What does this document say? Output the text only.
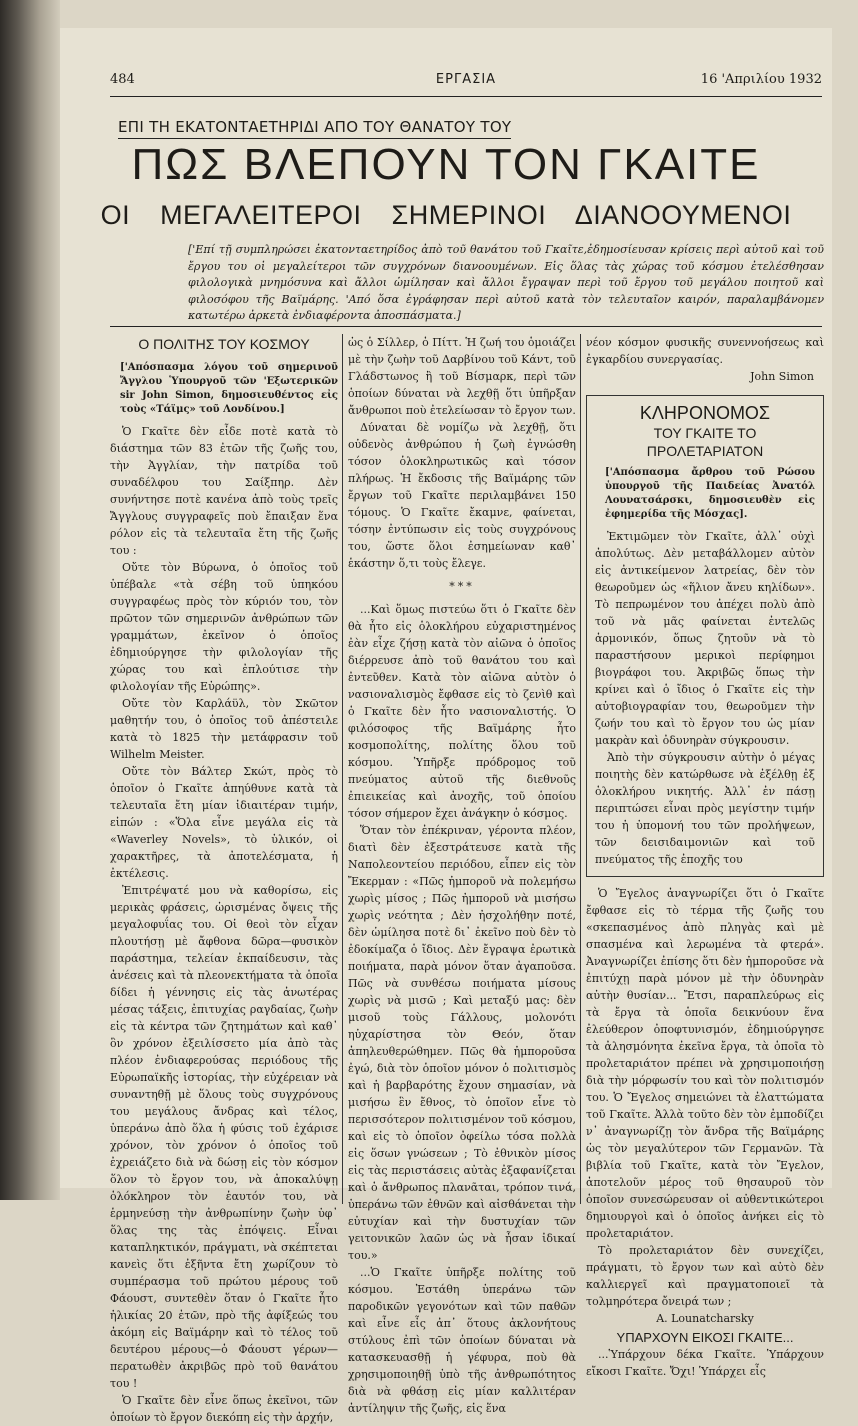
484	ΕΡΓΑΣΙΑ	16 'Απριλίου 1932
ΕΠΙ ΤΗ ΕΚΑΤΟΝΤΑΕΤΗΡΙΔΙ ΑΠΟ ΤΟΥ ΘΑΝΑΤΟΥ ΤΟΥ
ΠΩΣ ΒΛΕΠΟΥΝ ΤΟΝ ΓΚΑΙΤΕ
ΟΙ ΜΕΓΑΛΕΙΤΕΡΟΙ ΣΗΜΕΡΙΝΟΙ ΔΙΑΝΟΟΥΜΕΝΟΙ
['Επί τῇ συμπληρώσει ἑκατονταετηρίδος ἀπὸ τοῦ θανάτου τοῦ Γκαῖτε,ἐδημοσίευσαν κρίσεις περὶ αὐτοῦ καὶ τοῦ ἔργου του οἱ μεγαλείτεροι τῶν συγχρόνων διανοουμένων. Εἰς ὅλας τὰς χώρας τοῦ κόσμου ἐτελέσθησαν φιλολογικὰ μνημόσυνα καὶ ἄλλοι ὡμίλησαν καὶ ἄλλοι ἔγραψαν περὶ τοῦ ἔργου τοῦ μεγάλου ποιητοῦ καὶ φιλοσόφου τῆς Βαϊμάρης. 'Από ὅσα ἐγράφησαν περὶ αὐτοῦ κατὰ τὸν τελευταῖον καιρόν, παραλαμβάνομεν κατωτέρω ἀρκετὰ ἐνδιαφέροντα ἀποσπάσματα.]

Ο ΠΟΛΙΤΗΣ ΤΟΥ ΚΟΣΜΟΥ

['Απόσπασμα λόγου τοῦ σημερινοῦ Ἄγγλου Ὑπουργοῦ τῶν 'Εξωτερικῶν sir John Simon, δημοσιευθέντος εἰς τοὺς «Τάϊμς» τοῦ Λονδίνου.]

Ὁ Γκαῖτε δὲν εἶδε ποτὲ κατὰ τὸ διάστημα τῶν 83 ἐτῶν τῆς ζωῆς του, τὴν Ἀγγλίαν, τὴν πατρίδα τοῦ συναδέλφου του Σαίξπηρ. Δὲν συνήντησε ποτὲ κανένα ἀπὸ τοὺς τρεῖς Ἄγγλους συγγραφεῖς ποὺ ἔπαιξαν ἕνα ρόλον εἰς τὰ τελευταῖα ἔτη τῆς ζωῆς του :

Οὔτε τὸν Βύρωνα, ὁ ὁποῖος τοῦ ὑπέβαλε «τὰ σέβη τοῦ ὑπηκόου συγγραφέως πρὸς τὸν κύριόν του, τὸν πρῶτον τῶν σημερινῶν ἀνθρώπων τῶν γραμμάτων, ἐκεῖνον ὁ ὁποῖος ἐδημιούργησε τὴν φιλολογίαν τῆς χώρας του καὶ ἐπλούτισε τὴν φιλολογίαν τῆς Εὐρώπης».

Οὔτε τὸν Καρλάϋλ, τὸν Σκῶτον μαθητήν του, ὁ ὁποῖος τοῦ ἀπέστειλε κατὰ τὸ 1825 τὴν μετάφρασιν τοῦ Wilhelm Meister.

Οὔτε τὸν Βάλτερ Σκώτ, πρὸς τὸ ὁποῖον ὁ Γκαῖτε ἀπηύθυνε κατὰ τὰ τελευταῖα ἔτη μίαν ἰδιαιτέραν τιμήν, εἰπών : «Ὅλα εἶνε μεγάλα εἰς τὰ «Waverley Novels», τὸ ὑλικόν, οἱ χαρακτῆρες, τὰ ἀποτελέσματα, ἡ ἐκτέλεσις.

Ἐπιτρέψατέ μου νὰ καθορίσω, εἰς μερικὰς φράσεις, ὡρισμένας ὄψεις τῆς μεγαλοφυΐας του. Οἱ θεοὶ τὸν εἶχαν πλουτήσῃ μὲ ἄφθονα δῶρα—φυσικὸν παράστημα, τελείαν ἐκπαίδευσιν, τὰς ἀνέσεις καὶ τὰ πλεονεκτήματα τὰ ὁποῖα δίδει ἡ γέννησις εἰς τὰς ἀνωτέρας μέσας τάξεις, ἐπιτυχίας ραγδαίας, ζωὴν εἰς τὰ κέντρα τῶν ζητημάτων καὶ καθ᾿ ὃν χρόνον ἐξειλίσσετο μία ἀπὸ τὰς πλέον ἐνδιαφερούσας περιόδους τῆς Εὐρωπαϊκῆς ἱστορίας, τὴν εὐχέρειαν νὰ συναντηθῇ μὲ ὅλους τοὺς συγχρόνους του μεγάλους ἄνδρας καὶ τέλος, ὑπεράνω ἀπὸ ὅλα ἡ φύσις τοῦ ἐχάρισε χρόνον, τὸν χρόνον ὁ ὁποῖος τοῦ ἐχρειάζετο διὰ νὰ δώσῃ εἰς τὸν κόσμον ὅλον τὸ ἔργον του, νὰ ἀποκαλύψῃ ὁλόκληρον τὸν ἑαυτόν του, νὰ ἑρμηνεύσῃ τὴν ἀνθρωπίνην ζωὴν ὑφ᾿ ὅλας της τὰς ἐπόψεις. Εἶναι καταπληκτικόν, πράγματι, νὰ σκέπτεται κανεὶς ὅτι ἐξῆντα ἔτη χωρίζουν τὸ συμπέρασμα τοῦ πρώτου μέρους τοῦ Φάουστ, συντεθὲν ὅταν ὁ Γκαῖτε ἦτο ἡλικίας 20 ἐτῶν, πρὸ τῆς ἀφίξεώς του ἀκόμη εἰς Βαϊμάρην καὶ τὸ τέλος τοῦ δευτέρου μέρους—ὁ Φάουστ γέρων—περατωθὲν ἀκριβῶς πρὸ τοῦ θανάτου του !

Ὁ Γκαῖτε δὲν εἶνε ὅπως ἐκεῖνοι, τῶν ὁποίων τὸ ἔργον διεκόπη εἰς τὴν ἀρχήν,

ὡς ὁ Σίλλερ, ὁ Πίττ. Ἡ ζωή του ὁμοιάζει μὲ τὴν ζωὴν τοῦ Δαρβίνου τοῦ Κάντ, τοῦ Γλάδστωνος ἢ τοῦ Βίσμαρκ, περὶ τῶν ὁποίων δύναται νὰ λεχθῇ ὅτι ὑπῆρξαν ἄνθρωποι ποὺ ἐτελείωσαν τὸ ἔργον των.

Δύναται δὲ νομίζω νὰ λεχθῇ, ὅτι οὐδενὸς ἀνθρώπου ἡ ζωὴ ἐγνώσθη τόσον ὁλοκληρωτικῶς καὶ τόσον πλήρως. Ἡ ἔκδοσις τῆς Βαϊμάρης τῶν ἔργων τοῦ Γκαῖτε περιλαμβάνει 150 τόμους. Ὁ Γκαῖτε ἔκαμνε, φαίνεται, τόσην ἐντύπωσιν εἰς τοὺς συγχρόνους του, ὥστε ὅλοι ἐσημείωναν καθ᾿ ἑκάστην ὅ,τι τοὺς ἔλεγε.

***

...Καὶ ὅμως πιστεύω ὅτι ὁ Γκαῖτε δὲν θὰ ἦτο εἰς ὁλοκλήρου εὐχαριστημένος ἐὰν εἶχε ζήσῃ κατὰ τὸν αἰῶνα ὁ ὁποῖος διέρρευσε ἀπὸ τοῦ θανάτου του καὶ ἐντεῦθεν. Κατὰ τὸν αἰῶνα αὐτὸν ὁ νασιοναλισμὸς ἔφθασε εἰς τὸ ζενὶθ καὶ ὁ Γκαῖτε δὲν ἦτο νασιοναλιστής. Ὁ φιλόσοφος τῆς Βαϊμάρης ἦτο κοσμοπολίτης, πολίτης ὅλου τοῦ κόσμου. Ὑπῆρξε πρόδρομος τοῦ πνεύματος αὐτοῦ τῆς διεθνοῦς ἐπιεικείας καὶ ἀνοχῆς, τοῦ ὁποίου τόσον σήμερον ἔχει ἀνάγκην ὁ κόσμος.

Ὅταν τὸν ἐπέκριναν, γέροντα πλέον, διατὶ δὲν ἐξεστράτευσε κατὰ τῆς Ναπολεοντείου περιόδου, εἶπεν εἰς τὸν Ἔκερμαν : «Πῶς ἠμποροῦ νὰ πολεμήσω χωρὶς μίσος ; Πῶς ἠμποροῦ νὰ μισήσω χωρὶς νεότητα ; Δὲν ἠσχολήθην ποτέ, δὲν ὡμίλησα ποτὲ δι᾿ ἐκεῖνο ποὺ δὲν τὸ ἐδοκίμαζα ὁ ἴδιος. Δὲν ἔγραψα ἐρωτικὰ ποιήματα, παρὰ μόνον ὅταν ἀγαποῦσα. Πῶς νὰ συνθέσω ποιήματα μίσους χωρὶς νὰ μισῶ ; Καὶ μεταξύ μας: δὲν μισοῦ τοὺς Γάλλους, μολονότι ηὐχαρίστησα τὸν Θεόν, ὅταν ἀπηλευθερώθημεν. Πῶς θὰ ἠμποροῦσα ἐγώ, διὰ τὸν ὁποῖον μόνον ὁ πολιτισμὸς καὶ ἡ βαρβαρότης ἔχουν σημασίαν, νὰ μισήσω ἓν ἔθνος, τὸ ὁποῖον εἶνε τὸ περισσότερον πολιτισμένον τοῦ κόσμου, καὶ εἰς τὸ ὁποῖον ὀφείλω τόσα πολλὰ εἰς ὅσων γνώσεων ; Τὸ ἐθνικὸν μίσος εἰς τὰς περιστάσεις αὐτὰς ἐξαφανίζεται καὶ ὁ ἄνθρωπος πλανᾶται, τρόπον τινά, ὑπεράνω τῶν ἐθνῶν καὶ αἰσθάνεται τὴν εὐτυχίαν καὶ τὴν δυστυχίαν τῶν γειτονικῶν λαῶν ὡς νὰ ἦσαν ἰδικαί του.»

...Ὁ Γκαῖτε ὑπῆρξε πολίτης τοῦ κόσμου. Ἐστάθη ὑπεράνω τῶν παροδικῶν γεγονότων καὶ τῶν παθῶν καὶ εἶνε εἷς ἀπ᾿ ὅτους ἀκλονήτους στύλους ἐπὶ τῶν ὁποίων δύναται νὰ κατασκευασθῇ ἡ γέφυρα, ποὺ θὰ χρησιμοποιηθῇ ὑπὸ τῆς ἀνθρωπότητος διὰ νὰ φθάσῃ εἰς μίαν καλλιτέραν ἀντίληψιν τῆς ζωῆς, εἰς ἕνα

νέον κόσμον φυσικῆς συνεννοήσεως καὶ ἐγκαρδίου συνεργασίας.

John Simon

ΚΛΗΡΟΝΟΜΟΣ

ΤΟΥ ΓΚΑΙΤΕ ΤΟ ΠΡΟΛΕΤΑΡΙΑΤΟΝ

['Απόσπασμα ἄρθρου τοῦ Ρώσου ὑπουργοῦ τῆς Παιδείας Ἀνατόλ Λουνατσάρσκι, δημοσιευθὲν εἰς ἐφημερίδα τῆς Μόσχας].

Ἐκτιμῶμεν τὸν Γκαῖτε, ἀλλ᾿ οὐχὶ ἀπολύτως. Δὲν μεταβάλλομεν αὐτὸν εἰς ἀντικείμενον λατρείας, δὲν τὸν θεωροῦμεν ὡς «ἥλιον ἄνευ κηλίδων». Τὸ πεπρωμένον του ἀπέχει πολὺ ἀπὸ τοῦ νὰ μᾶς φαίνεται ἐντελῶς ἁρμονικόν, ὅπως ζητοῦν νὰ τὸ παραστήσουν μερικοὶ περίφημοι βιογράφοι του. Ἀκριβῶς ὅπως τὴν κρίνει καὶ ὁ ἴδιος ὁ Γκαῖτε εἰς τὴν αὐτοβιογραφίαν του, θεωροῦμεν τὴν ζωήν του καὶ τὸ ἔργον του ὡς μίαν μακρὰν καὶ ὀδυνηρὰν σύγκρουσιν.

Ἀπὸ τὴν σύγκρουσιν αὐτὴν ὁ μέγας ποιητὴς δὲν κατώρθωσε νὰ ἐξέλθῃ ἐξ ὁλοκλήρου νικητής. Ἀλλ᾿ ἐν πάσῃ περιπτώσει εἶναι πρὸς μεγίστην τιμήν του ἡ ὑπομονή του τῶν προλήψεων, τῶν δεισιδαιμονιῶν καὶ τοῦ πνεύματος τῆς ἐποχῆς του

Ὁ Ἔγελος ἀναγνωρίζει ὅτι ὁ Γκαῖτε ἔφθασε εἰς τὸ τέρμα τῆς ζωῆς του «σκεπασμένος ἀπὸ πληγὰς καὶ μὲ σπασμένα καὶ λερωμένα τὰ φτερά». Ἀναγνωρίζει ἐπίσης ὅτι δὲν ἠμποροῦσε νὰ ἐπιτύχῃ παρὰ μόνον μὲ τὴν ὀδυνηρὰν αὐτὴν θυσίαν... Ἔτσι, παραπλεύρως εἰς τὰ ἔργα τὰ ὁποῖα δεικνύουν ἕνα ἐλεύθερον ὀποφτυνισμόν, ἐδημιούργησε τὰ ἀλησμόνητα ἐκεῖνα ἔργα, τὰ ὁποῖα τὸ προλεταριάτον πρέπει νὰ χρησιμοποιήσῃ διὰ τὴν μόρφωσίν του καὶ τὸν πολιτισμόν του. Ὁ Ἔγελος σημειώνει τὰ ἐλαττώματα τοῦ Γκαῖτε. Ἀλλὰ τοῦτο δὲν τὸν ἐμποδίζει ν᾿ ἀναγνωρίζῃ τὸν ἄνδρα τῆς Βαϊμάρης ὡς τὸν μεγαλύτερον τῶν Γερμανῶν. Τὰ βιβλία τοῦ Γκαῖτε, κατὰ τὸν Ἔγελον, ἀποτελοῦν μέρος τοῦ θησαυροῦ τὸν ὁποῖον συνεσώρευσαν οἱ αὐθεντικώτεροι δημιουργοὶ καὶ ὁ ὁποῖος ἀνήκει εἰς τὸ προλεταριάτον.

Τὸ προλεταριάτον δὲν συνεχίζει, πράγματι, τὸ ἔργον των καὶ αὐτὸ δὲν καλλιεργεῖ καὶ πραγματοποιεῖ τὰ τολμηρότερα ὄνειρά των ;

A. Lounatcharsky

ΥΠΑΡΧΟΥΝ ΕΙΚΟΣΙ ΓΚΑΙΤΕ...

...Ὑπάρχουν δέκα Γκαῖτε. Ὑπάρχουν εἴκοσι Γκαῖτε. Ὄχι! Ὑπάρχει εἷς
